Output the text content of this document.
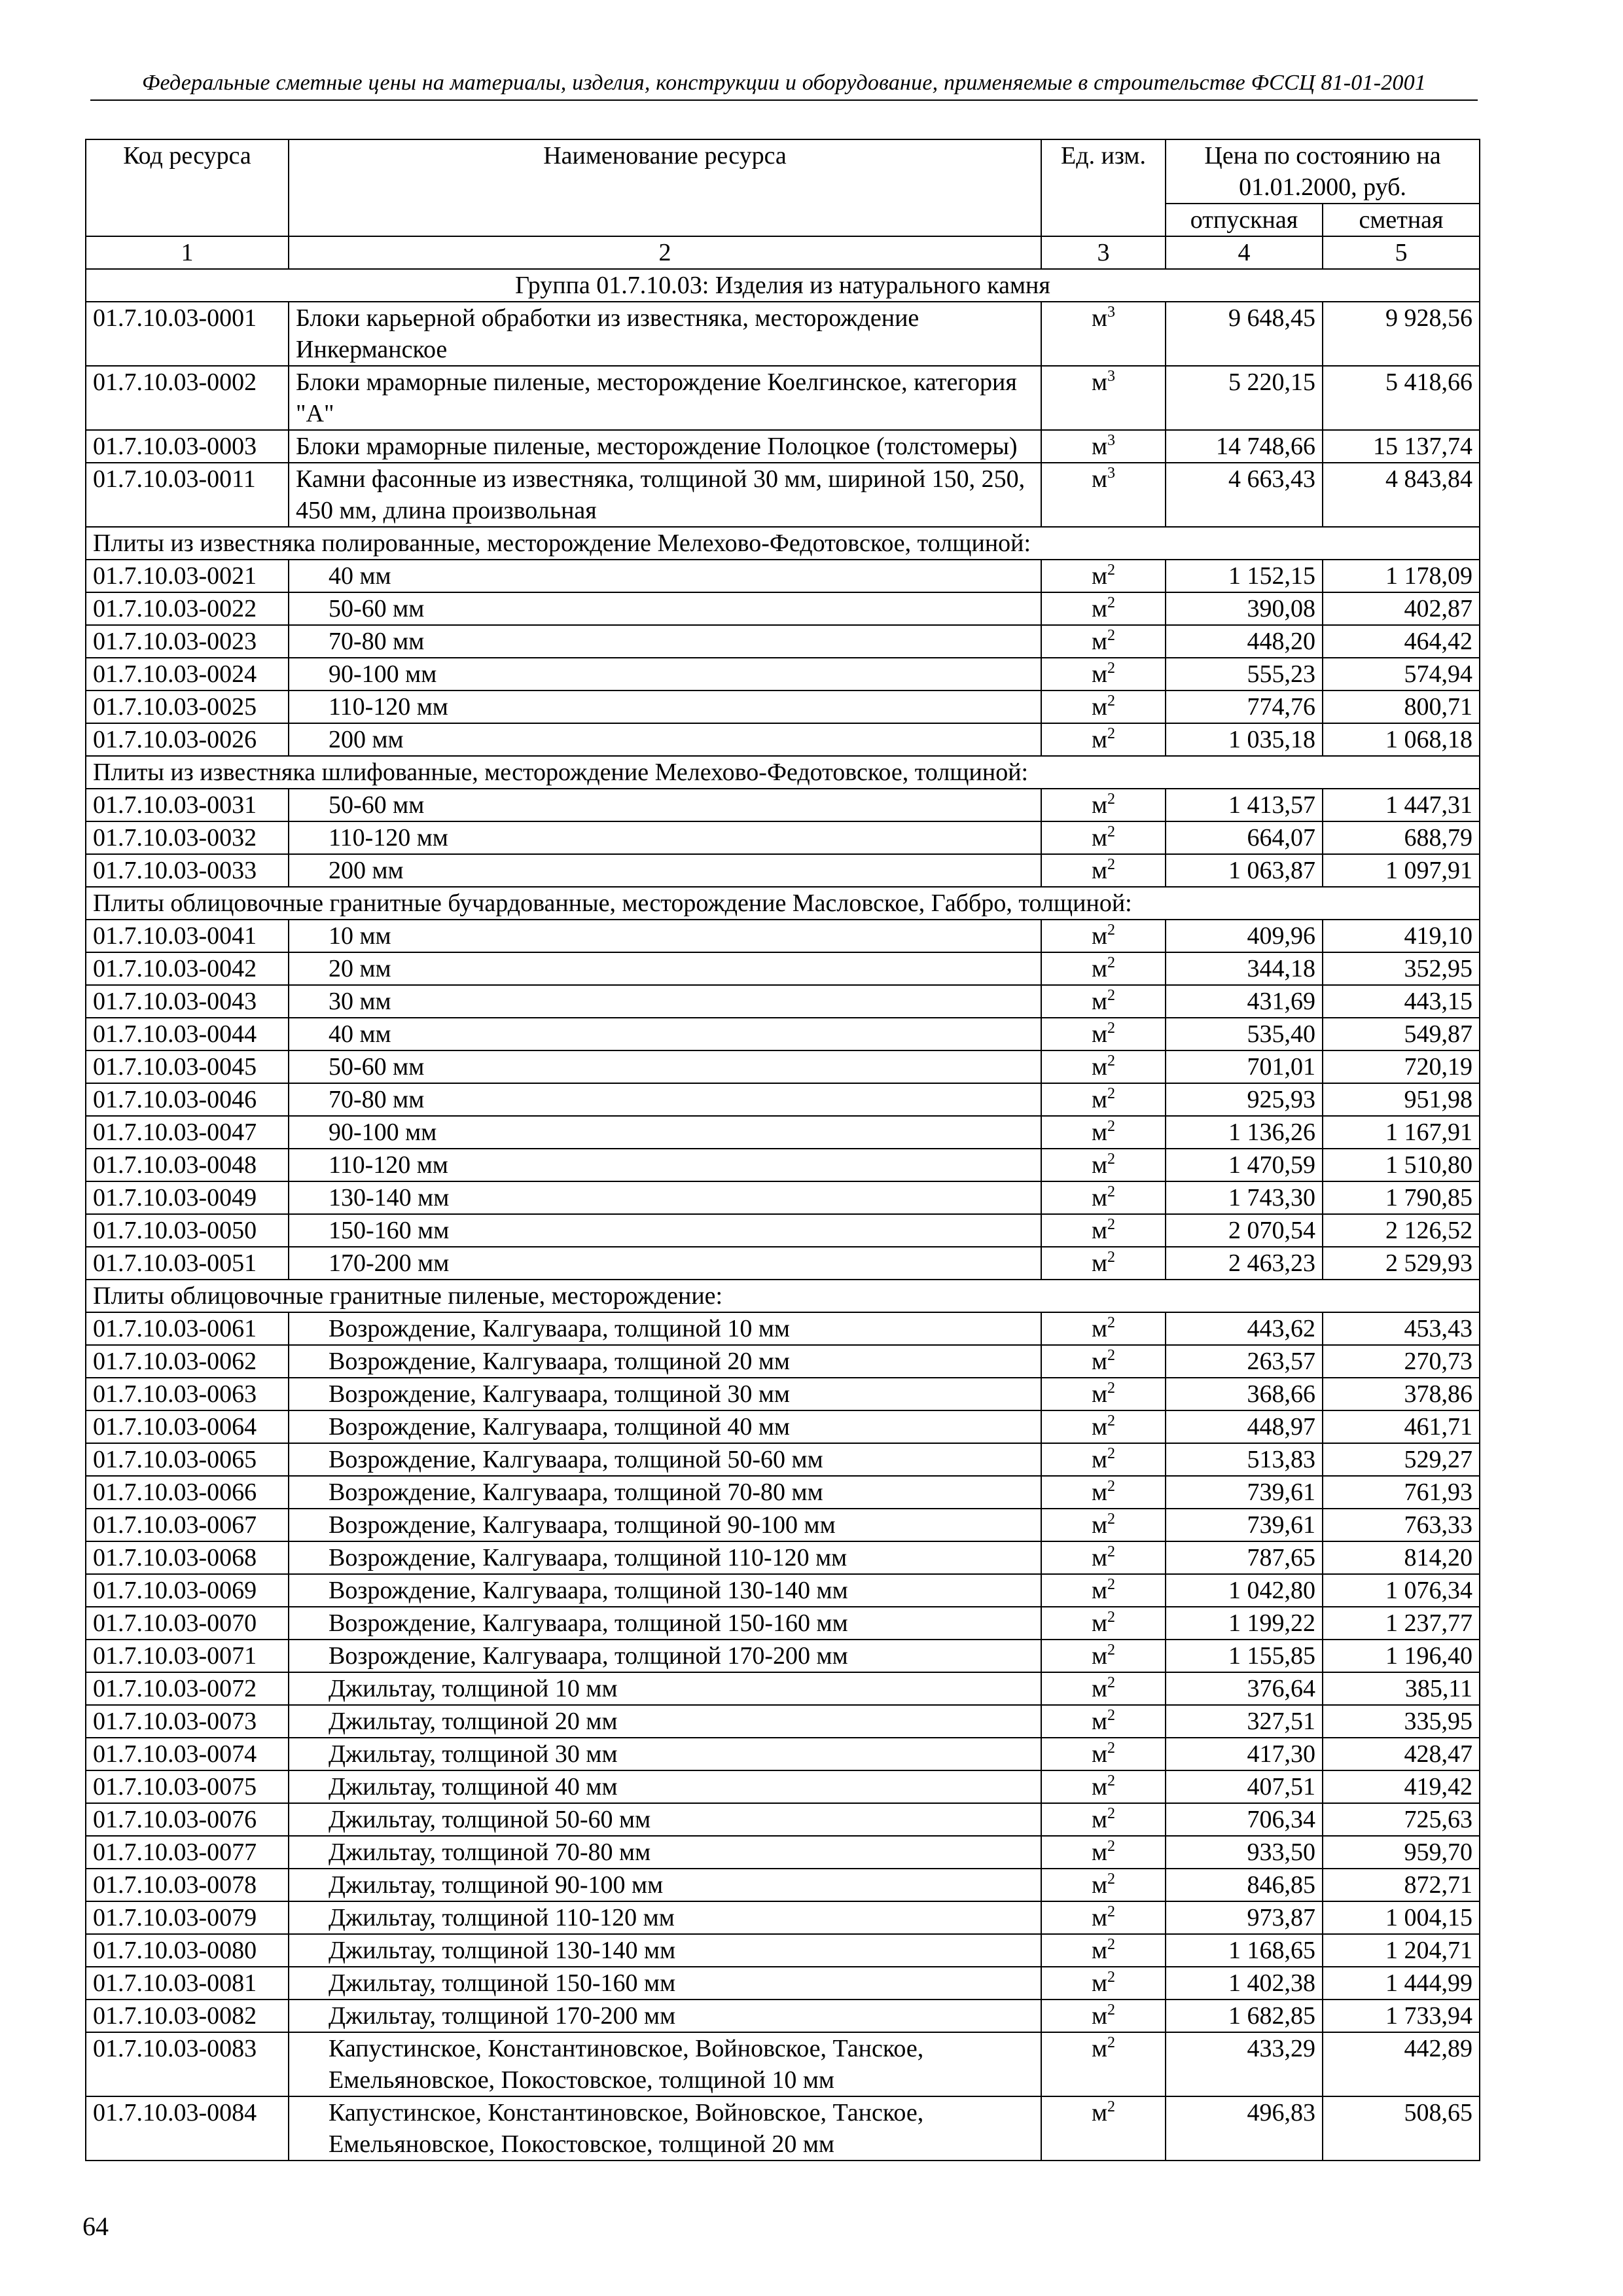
Федеральные сметные цены на материалы, изделия, конструкции и оборудование, применяемые в строительстве ФССЦ 81-01-2001
Код ресурса	Наименование ресурса	Ед. изм.	Цена по состоянию на
01.01.2000, руб.	
			отпускная	сметная
1	2	3	4	5
Группа 01.7.10.03: Изделия из натурального камня				
01.7.10.03-0001	Блоки карьерной обработки из известняка, месторождение Инкерманское	$м^3$	9 648,45	9 928,56
01.7.10.03-0002	Блоки мраморные пиленые, месторождение Коелгинское, категория "А"	$м^3$	5 220,15	5 418,66
01.7.10.03-0003	Блоки мраморные пиленые, месторождение Полоцкое (толстомеры)	$м^3$	14 748,66	15 137,74
01.7.10.03-0011	Камни фасонные из известняка, толщиной 30 мм, шириной 150, 250, 450 мм, длина произвольная	$м^3$	4 663,43	4 843,84
Плиты из известняка полированные, месторождение Мелехово-Федотовское, толщиной:				
01.7.10.03-0021	40 мм	$м^2$	1 152,15	1 178,09
01.7.10.03-0022	50-60 мм	$м^2$	390,08	402,87
01.7.10.03-0023	70-80 мм	$м^2$	448,20	464,42
01.7.10.03-0024	90-100 мм	$м^2$	555,23	574,94
01.7.10.03-0025	110-120 мм	$м^2$	774,76	800,71
01.7.10.03-0026	200 мм	$м^2$	1 035,18	1 068,18
Плиты из известняка шлифованные, месторождение Мелехово-Федотовское, толщиной:				
01.7.10.03-0031	50-60 мм	$м^2$	1 413,57	1 447,31
01.7.10.03-0032	110-120 мм	$м^2$	664,07	688,79
01.7.10.03-0033	200 мм	$м^2$	1 063,87	1 097,91
Плиты облицовочные гранитные бучардованные, месторождение Масловское, Габбро, толщиной:				
01.7.10.03-0041	10 мм	$м^2$	409,96	419,10
01.7.10.03-0042	20 мм	$м^2$	344,18	352,95
01.7.10.03-0043	30 мм	$м^2$	431,69	443,15
01.7.10.03-0044	40 мм	$м^2$	535,40	549,87
01.7.10.03-0045	50-60 мм	$м^2$	701,01	720,19
01.7.10.03-0046	70-80 мм	$м^2$	925,93	951,98
01.7.10.03-0047	90-100 мм	$м^2$	1 136,26	1 167,91
01.7.10.03-0048	110-120 мм	$м^2$	1 470,59	1 510,80
01.7.10.03-0049	130-140 мм	$м^2$	1 743,30	1 790,85
01.7.10.03-0050	150-160 мм	$м^2$	2 070,54	2 126,52
01.7.10.03-0051	170-200 мм	$м^2$	2 463,23	2 529,93
Плиты облицовочные гранитные пиленые, месторождение:				
01.7.10.03-0061	Возрождение, Калгуваара, толщиной 10 мм	$м^2$	443,62	453,43
01.7.10.03-0062	Возрождение, Калгуваара, толщиной 20 мм	$м^2$	263,57	270,73
01.7.10.03-0063	Возрождение, Калгуваара, толщиной 30 мм	$м^2$	368,66	378,86
01.7.10.03-0064	Возрождение, Калгуваара, толщиной 40 мм	$м^2$	448,97	461,71
01.7.10.03-0065	Возрождение, Калгуваара, толщиной 50-60 мм	$м^2$	513,83	529,27
01.7.10.03-0066	Возрождение, Калгуваара, толщиной 70-80 мм	$м^2$	739,61	761,93
01.7.10.03-0067	Возрождение, Калгуваара, толщиной 90-100 мм	$м^2$	739,61	763,33
01.7.10.03-0068	Возрождение, Калгуваара, толщиной 110-120 мм	$м^2$	787,65	814,20
01.7.10.03-0069	Возрождение, Калгуваара, толщиной 130-140 мм	$м^2$	1 042,80	1 076,34
01.7.10.03-0070	Возрождение, Калгуваара, толщиной 150-160 мм	$м^2$	1 199,22	1 237,77
01.7.10.03-0071	Возрождение, Калгуваара, толщиной 170-200 мм	$м^2$	1 155,85	1 196,40
01.7.10.03-0072	Джильтау, толщиной 10 мм	$м^2$	376,64	385,11
01.7.10.03-0073	Джильтау, толщиной 20 мм	$м^2$	327,51	335,95
01.7.10.03-0074	Джильтау, толщиной 30 мм	$м^2$	417,30	428,47
01.7.10.03-0075	Джильтау, толщиной 40 мм	$м^2$	407,51	419,42
01.7.10.03-0076	Джильтау, толщиной 50-60 мм	$м^2$	706,34	725,63
01.7.10.03-0077	Джильтау, толщиной 70-80 мм	$м^2$	933,50	959,70
01.7.10.03-0078	Джильтау, толщиной 90-100 мм	$м^2$	846,85	872,71
01.7.10.03-0079	Джильтау, толщиной 110-120 мм	$м^2$	973,87	1 004,15
01.7.10.03-0080	Джильтау, толщиной 130-140 мм	$м^2$	1 168,65	1 204,71
01.7.10.03-0081	Джильтау, толщиной 150-160 мм	$м^2$	1 402,38	1 444,99
01.7.10.03-0082	Джильтау, толщиной 170-200 мм	$м^2$	1 682,85	1 733,94
01.7.10.03-0083	Капустинское, Константиновское, Войновское, Танское, Емельяновское, Покостовское, толщиной 10 мм	$м^2$	433,29	442,89
01.7.10.03-0084	Капустинское, Константиновское, Войновское, Танское, Емельяновское, Покостовское, толщиной 20 мм	$м^2$	496,83	508,65
64
